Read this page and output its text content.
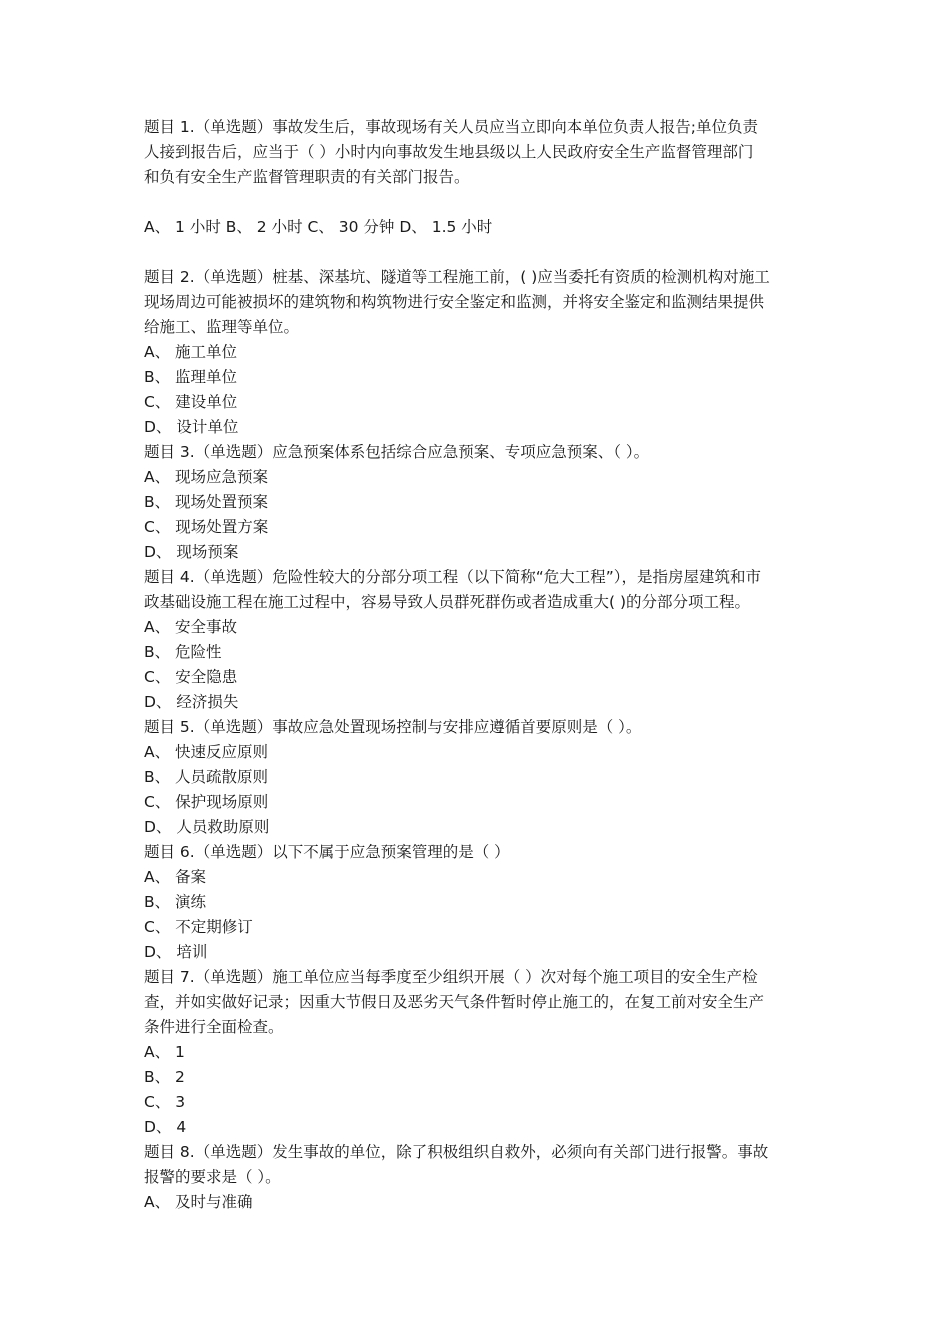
题目 1.（单选题）事故发生后，事故现场有关人员应当立即向本单位负责人报告;单位负责
人接到报告后，应当于（ ）小时内向事故发生地县级以上人民政府安全生产监督管理部门
和负有安全生产监督管理职责的有关部门报告。
A、 1 小时 B、 2 小时 C、 30 分钟 D、 1.5 小时
题目 2.（单选题）桩基、深基坑、隧道等工程施工前，( )应当委托有资质的检测机构对施工
现场周边可能被损坏的建筑物和构筑物进行安全鉴定和监测，并将安全鉴定和监测结果提供
给施工、监理等单位。
A、 施工单位
B、 监理单位
C、 建设单位
D、 设计单位
题目 3.（单选题）应急预案体系包括综合应急预案、专项应急预案、（ ）。
A、 现场应急预案
B、 现场处置预案
C、 现场处置方案
D、 现场预案
题目 4.（单选题）危险性较大的分部分项工程（以下简称“危大工程”），是指房屋建筑和市
政基础设施工程在施工过程中，容易导致人员群死群伤或者造成重大( )的分部分项工程。
A、 安全事故
B、 危险性
C、 安全隐患
D、 经济损失
题目 5.（单选题）事故应急处置现场控制与安排应遵循首要原则是（ ）。
A、 快速反应原则
B、 人员疏散原则
C、 保护现场原则
D、 人员救助原则
题目 6.（单选题）以下不属于应急预案管理的是（ ）
A、 备案
B、 演练
C、 不定期修订
D、 培训
题目 7.（单选题）施工单位应当每季度至少组织开展（ ）次对每个施工项目的安全生产检
查，并如实做好记录；因重大节假日及恶劣天气条件暂时停止施工的，在复工前对安全生产
条件进行全面检查。
A、 1
B、 2
C、 3
D、 4
题目 8.（单选题）发生事故的单位，除了积极组织自救外，必须向有关部门进行报警。事故
报警的要求是（ ）。
A、 及时与准确
